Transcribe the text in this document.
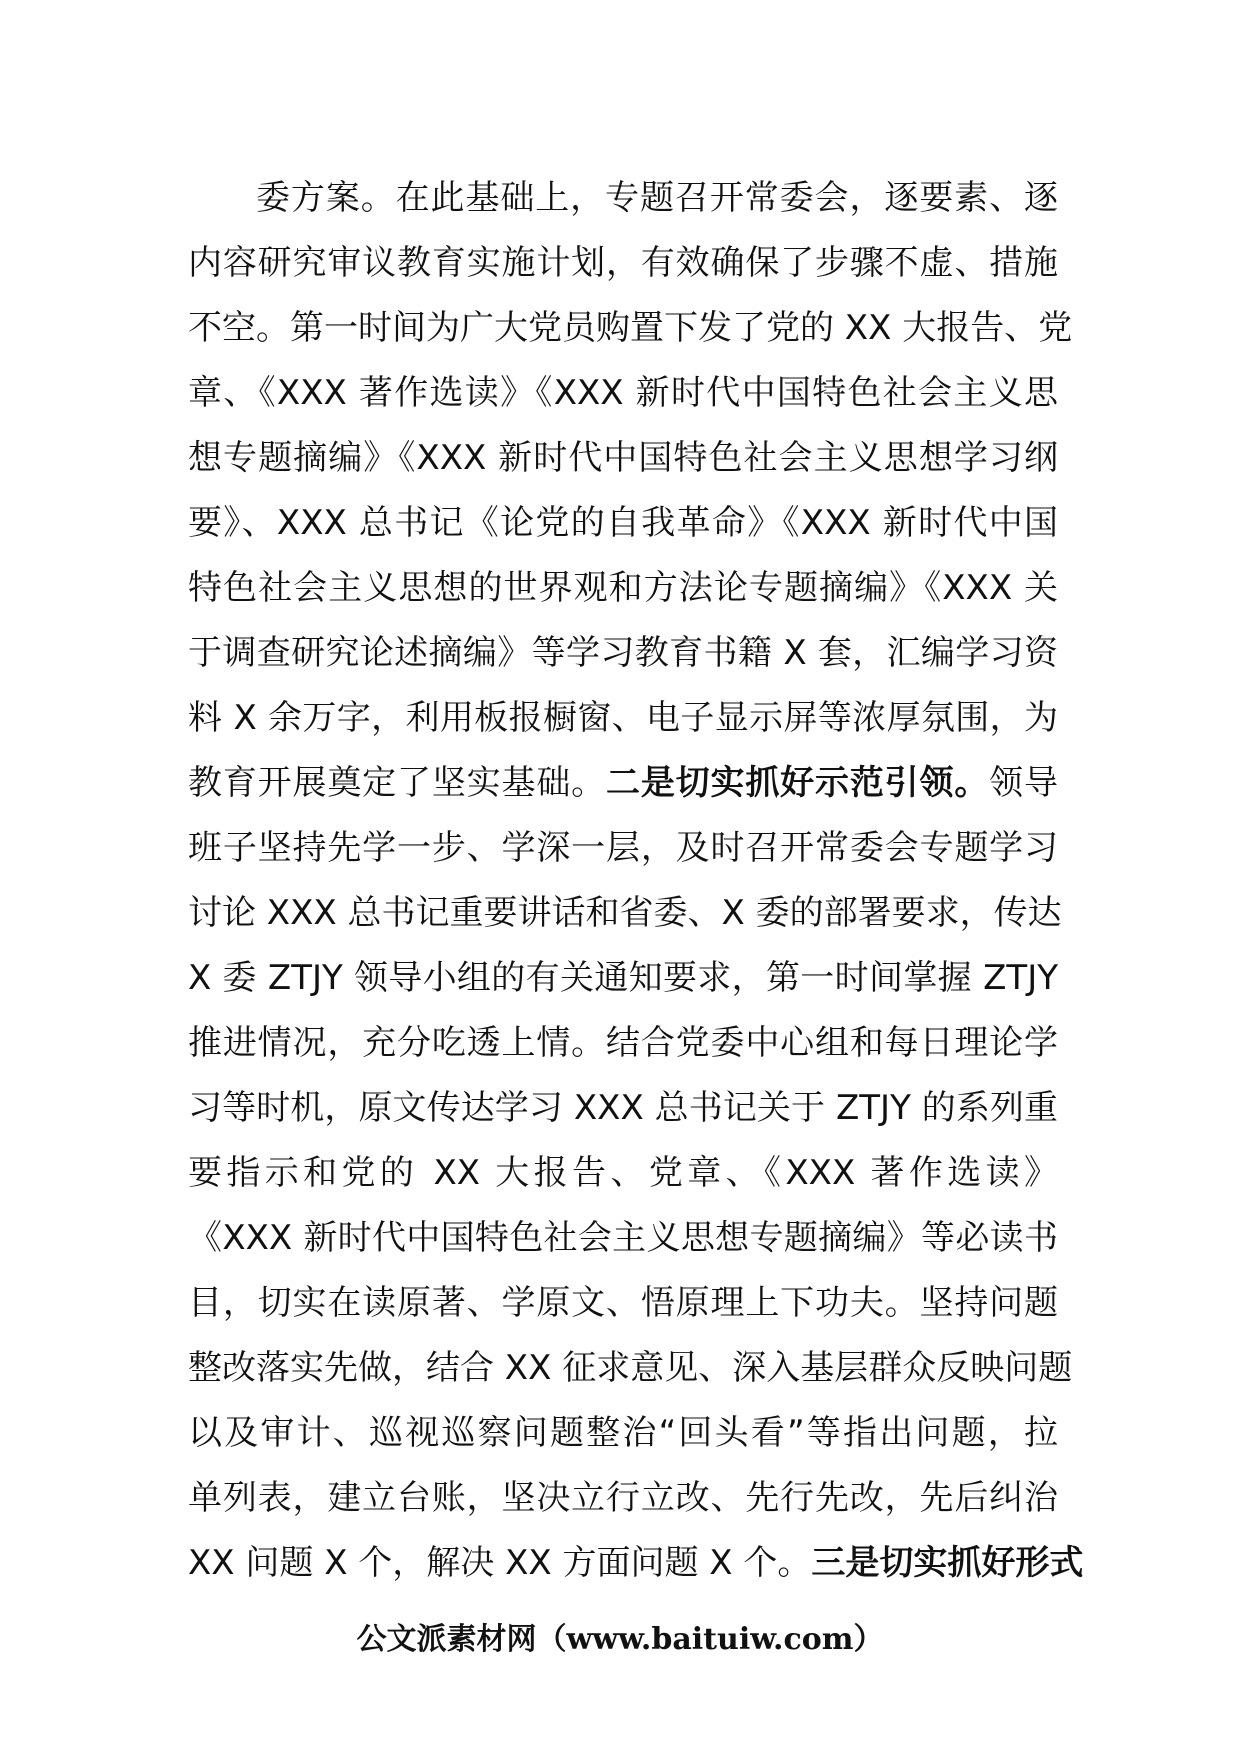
委方案。在此基础上，专题召开常委会，逐要素、逐
内容研究审议教育实施计划，有效确保了步骤不虚、措施
不空。第一时间为广大党员购置下发了党的 XX 大报告、党
章、《XXX 著作选读》《XXX 新时代中国特色社会主义思
想专题摘编》《XXX 新时代中国特色社会主义思想学习纲
要》、XXX 总书记《论党的自我革命》《XXX 新时代中国
特色社会主义思想的世界观和方法论专题摘编》《XXX 关
于调查研究论述摘编》等学习教育书籍 X 套，汇编学习资
料 X 余万字，利用板报橱窗、电子显示屏等浓厚氛围，为
教育开展奠定了坚实基础。二是切实抓好示范引领。领导
班子坚持先学一步、学深一层，及时召开常委会专题学习
讨论 XXX 总书记重要讲话和省委、X 委的部署要求，传达
X 委 ZTJY 领导小组的有关通知要求，第一时间掌握 ZTJY
推进情况，充分吃透上情。结合党委中心组和每日理论学
习等时机，原文传达学习 XXX 总书记关于 ZTJY 的系列重
要指示和党的 XX 大报告、党章、《XXX 著作选读》
《XXX 新时代中国特色社会主义思想专题摘编》等必读书
目，切实在读原著、学原文、悟原理上下功夫。坚持问题
整改落实先做，结合 XX 征求意见、深入基层群众反映问题
以及审计、巡视巡察问题整治“回头看”等指出问题，拉
单列表，建立台账，坚决立行立改、先行先改，先后纠治
XX 问题 X 个，解决 XX 方面问题 X 个。三是切实抓好形式
公文派素材网（www.baituiw.com）
